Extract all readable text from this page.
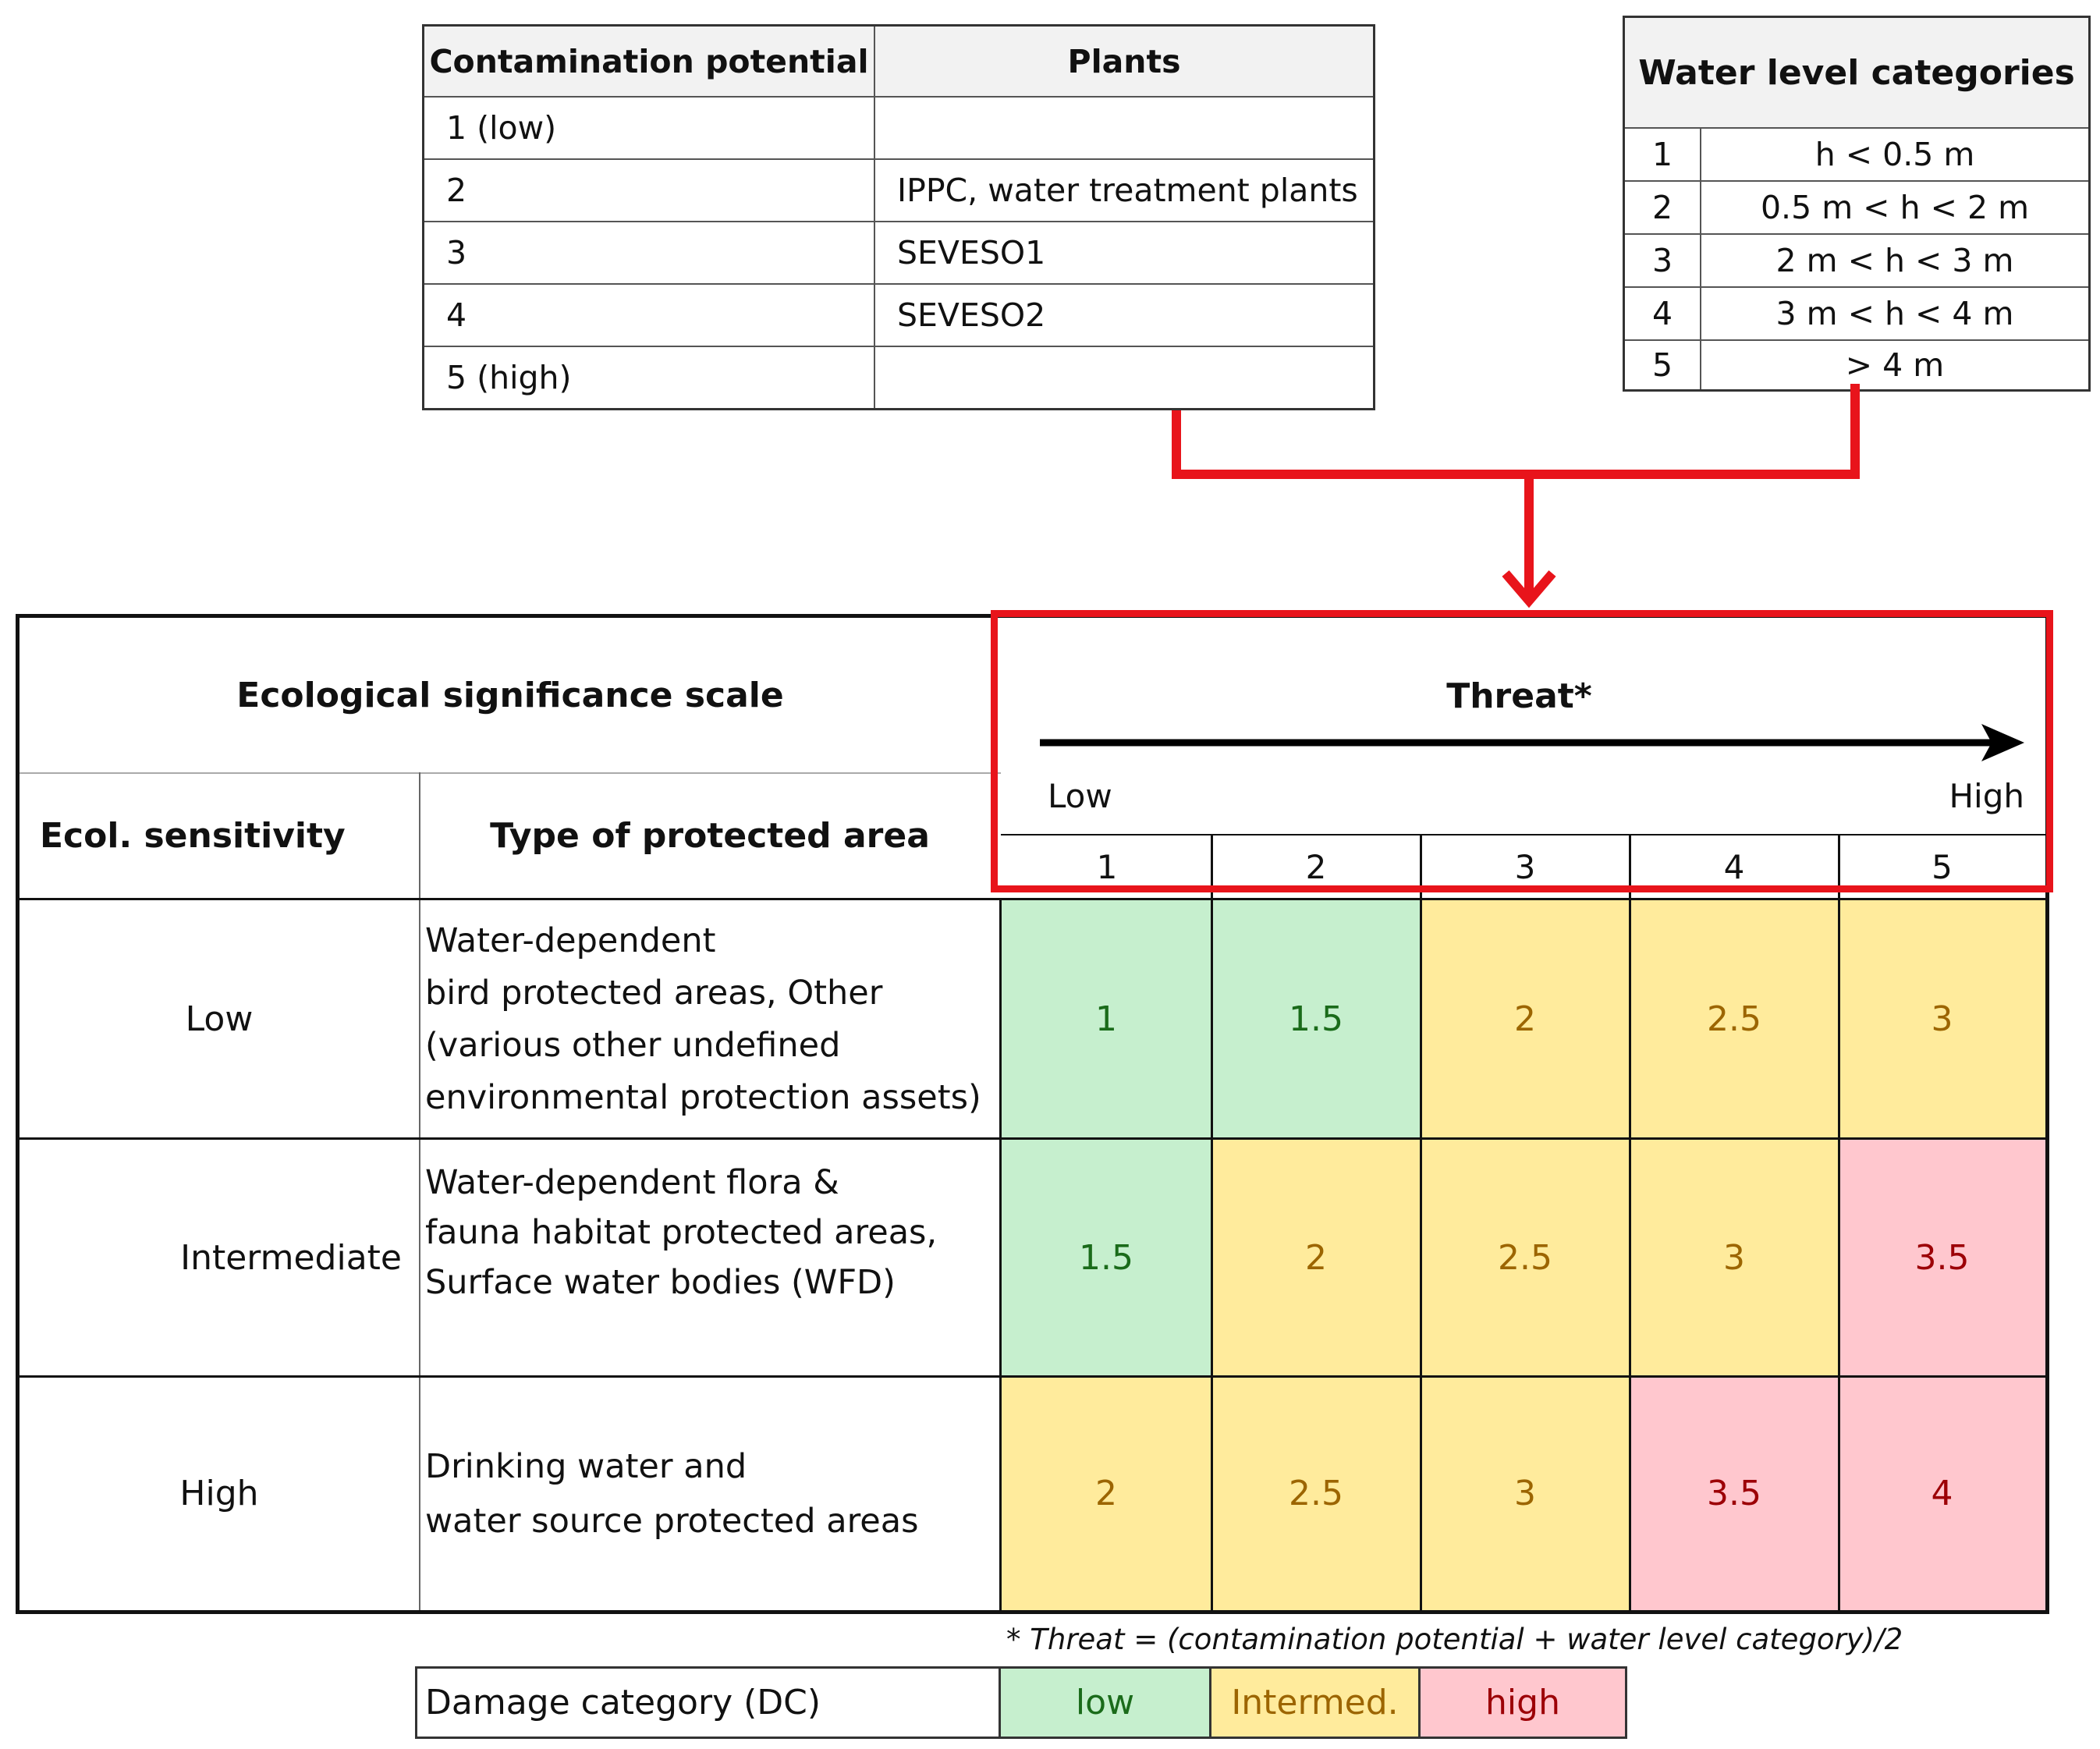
Contamination potential	Plants
1 (low)
2	IPPC, water treatment plants
3	SEVESO1
4	SEVESO2
5 (high)
Water level categories
1	h < 0.5 m
2	0.5 m < h < 2 m
3	2 m < h < 3 m
4	3 m < h < 4 m
5	> 4 m
Ecological significance scale
Ecol. sensitivity	Type of protected area
Threat*
Low	High
1	2	3	4	5
Low
Water-dependent
bird protected areas, Other
(various other undefined
environmental protection assets)
1	1.5	2	2.5	3
Intermediate
Water-dependent flora &
fauna habitat protected areas,
Surface water bodies (WFD)
1.5	2	2.5	3	3.5
High
Drinking water and
water source protected areas
2	2.5	3	3.5	4
* Threat = (contamination potential + water level category)/2
Damage category (DC)	low	Intermed.	high
